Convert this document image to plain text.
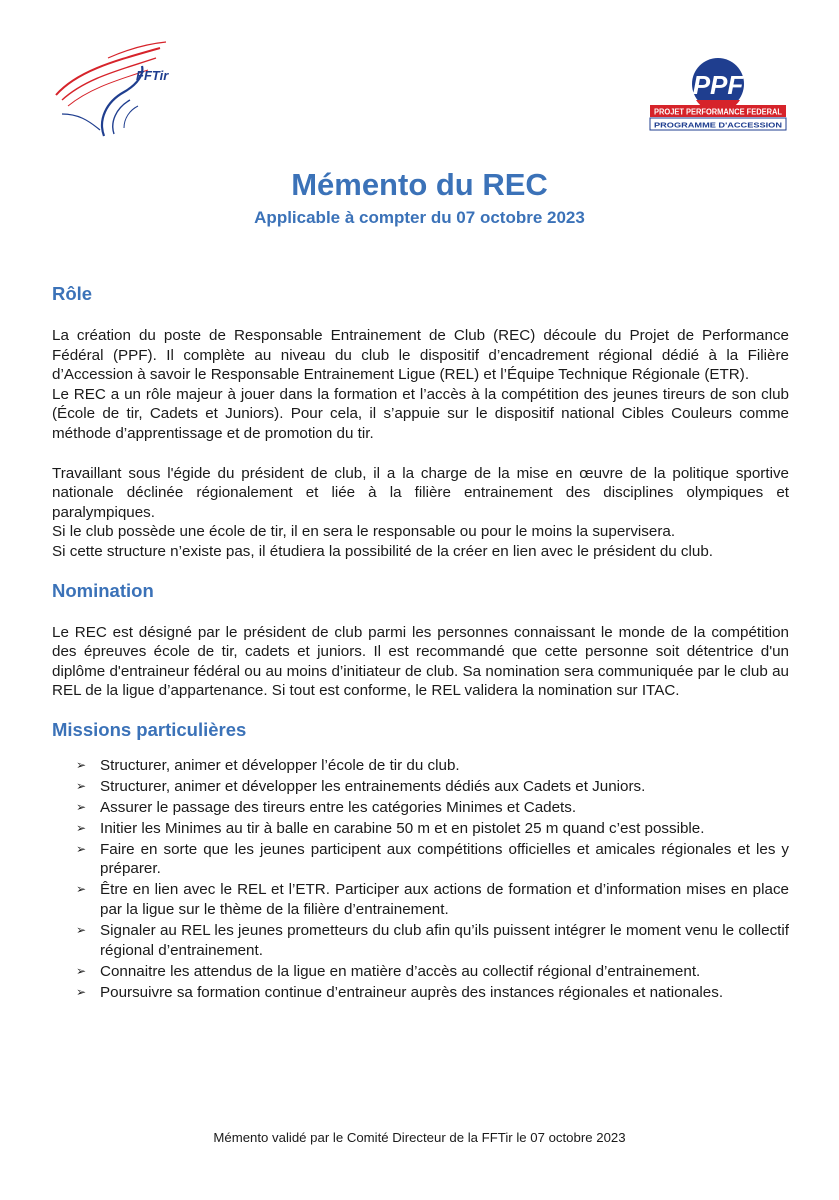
FFTir	PPF
PROJET PERFORMANCE FEDERAL
PROGRAMME D'ACCESSION
Mémento du REC
Applicable à compter du 07 octobre 2023
Rôle

La création du poste de Responsable Entrainement de Club (REC) découle du Projet de Performance Fédéral (PPF). Il complète au niveau du club le dispositif d’encadrement régional dédié à la Filière d’Accession à savoir le Responsable Entrainement Ligue (REL) et l’Équipe Technique Régionale (ETR).

Le REC a un rôle majeur à jouer dans la formation et l’accès à la compétition des jeunes tireurs de son club (École de tir, Cadets et Juniors). Pour cela, il s’appuie sur le dispositif national Cibles Couleurs comme méthode d’apprentissage et de promotion du tir.

Travaillant sous l'égide du président de club, il a la charge de la mise en œuvre de la politique sportive nationale déclinée régionalement et liée à la filière entrainement des disciplines olympiques et paralympiques.

Si le club possède une école de tir, il en sera le responsable ou pour le moins la supervisera.

Si cette structure n’existe pas, il étudiera la possibilité de la créer en lien avec le président du club.

Nomination

Le REC est désigné par le président de club parmi les personnes connaissant le monde de la compétition des épreuves école de tir, cadets et juniors. Il est recommandé que cette personne soit détentrice d'un diplôme d'entraineur fédéral ou au moins d’initiateur de club. Sa nomination sera communiquée par le club au REL de la ligue d’appartenance. Si tout est conforme, le REL validera la nomination sur ITAC.

Missions particulières
➢ Structurer, animer et développer l’école de tir du club.
➢ Structurer, animer et développer les entrainements dédiés aux Cadets et Juniors.
➢ Assurer le passage des tireurs entre les catégories Minimes et Cadets.
➢ Initier les Minimes au tir à balle en carabine 50 m et en pistolet 25 m quand c’est possible.
➢ Faire en sorte que les jeunes participent aux compétitions officielles et amicales régionales et les y préparer.
➢ Être en lien avec le REL et l’ETR. Participer aux actions de formation et d’information mises en place par la ligue sur le thème de la filière d’entrainement.
➢ Signaler au REL les jeunes prometteurs du club afin qu’ils puissent intégrer le moment venu le collectif régional d’entrainement.
➢ Connaitre les attendus de la ligue en matière d’accès au collectif régional d’entrainement.
➢ Poursuivre sa formation continue d’entraineur auprès des instances régionales et nationales.
Mémento validé par le Comité Directeur de la FFTir le 07 octobre 2023
